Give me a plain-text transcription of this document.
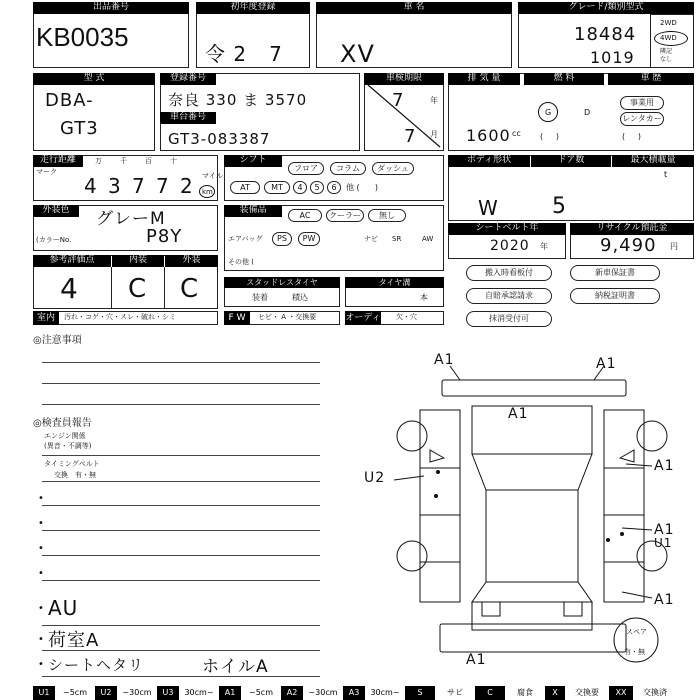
出品番号
KB0035
初年度登録
令 2   7
車 名
XV
グレード/類別型式
18484
1019
2WD
4WD
隣記
なし
型 式
DBA-
GT3
登録番号
奈良 330 ま 3570
車台番号
GT3-083387
車検期限
年
月
7
7
排 気 量
1600 cc
燃 料
G	D
(     )
車 歴
事業用
レンタカー
(     )
走行距離
マーク
万	千	百	十
4 3 7 7 2 マイル
km
シフト
フロア	コラム	ダッシュ
AT	MT	4	5	6	他 (      )
ボディ形状
W
ドア数
5
最大積載量
t
外装色	グレーM
(カラーNo.	P8Y
装備品
AC	クーラー	無し
エアバッグ	PS	PW	ナビ SR	AW
その他 (
シートベルト年
2020 年
リサイクル預託金
9,490 円
参考評価点
4
内装
C
外装
C	スタッドレスタイヤ
装着	積込
タイヤ溝
本
搬入時看板付	新車保証書
自賠承認請求	納税証明書
抹消受付可
室内	汚れ・コゲ・穴・スレ・破れ・シミ	F W	ヒビ・ A ・交換要	オーディオ
欠・穴
◎注意事項
◎検査員報告
エンジン関係
(異音・不調等)
タイミングベルト
交換　有・無
•
•
•
•
•
•
•
AU
荷室A
シートヘタリ	ホイルA
A1	A1
A1
U2
A1
A1
U1
A1
A1
スペア
有・無
U1	~5cm	U2	~30cm	U3	30cm~	A1	~5cm	A2	~30cm	A3	30cm~	S	サビ	C	腐食	X	交換要	XX	交換済
